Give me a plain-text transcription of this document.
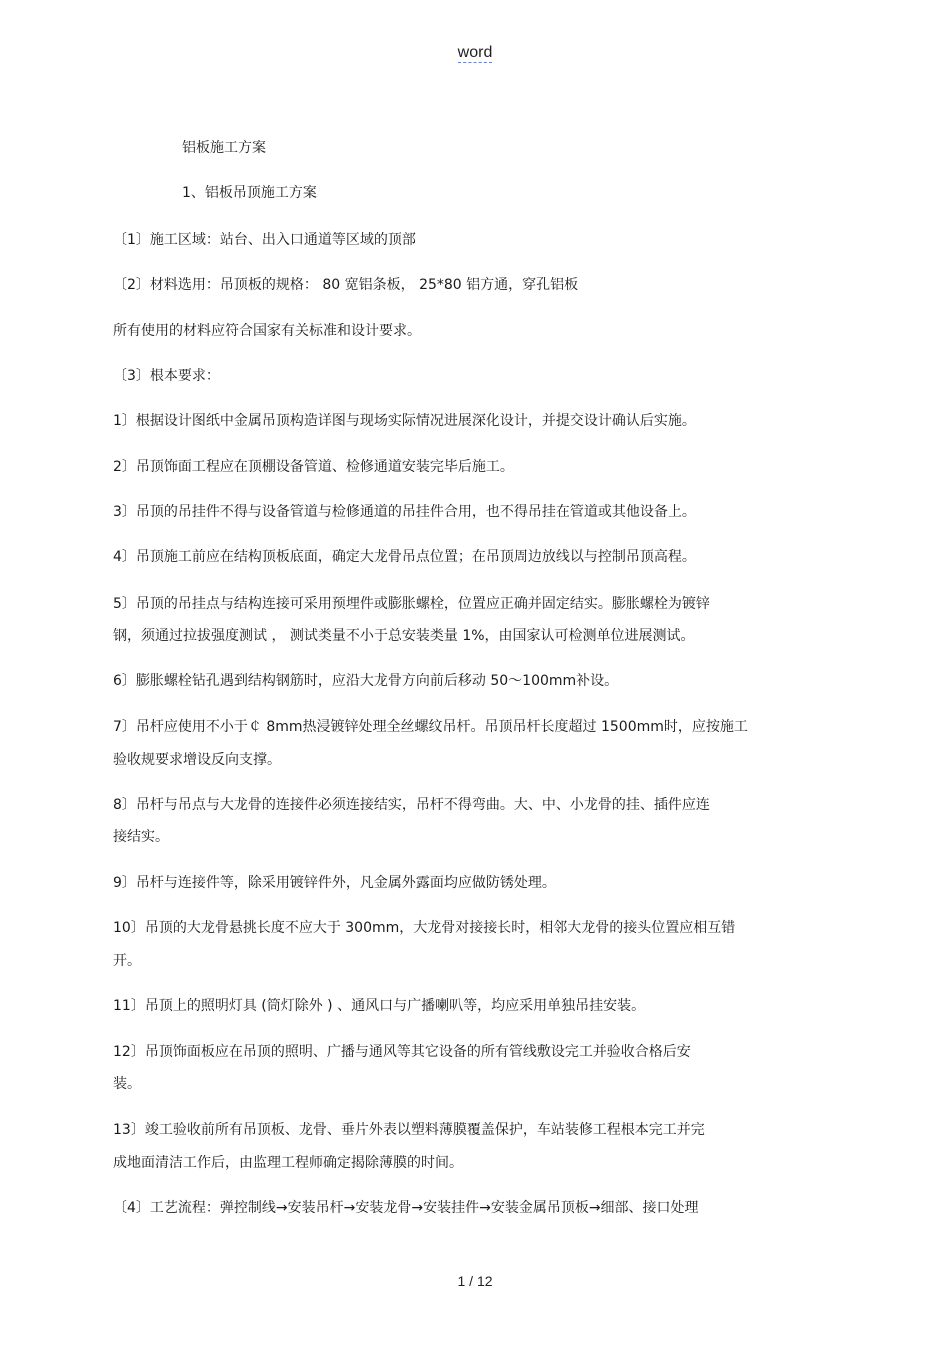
word
铝板施工方案
1、铝板吊顶施工方案
〔1〕施工区域：站台、出入口通道等区域的顶部
〔2〕材料选用：吊顶板的规格： 80 宽铝条板， 25*80 铝方通，穿孔铝板
所有使用的材料应符合国家有关标准和设计要求。
〔3〕根本要求：
1〕根据设计图纸中金属吊顶构造详图与现场实际情况进展深化设计，并提交设计确认后实施。
2〕吊顶饰面工程应在顶棚设备管道、检修通道安装完毕后施工。
3〕吊顶的吊挂件不得与设备管道与检修通道的吊挂件合用，也不得吊挂在管道或其他设备上。
4〕吊顶施工前应在结构顶板底面，确定大龙骨吊点位置；在吊顶周边放线以与控制吊顶高程。
5〕吊顶的吊挂点与结构连接可采用预埋件或膨胀螺栓，位置应正确并固定结实。膨胀螺栓为镀锌
钢，须通过拉拔强度测试 ， 测试类量不小于总安装类量 1%，由国家认可检测单位进展测试。
6〕膨胀螺栓钻孔遇到结构钢筋时，应沿大龙骨方向前后移动 50～100mm补设。
7〕吊杆应使用不小于￠ 8mm热浸镀锌处理全丝螺纹吊杆。吊顶吊杆长度超过 1500mm时，应按施工
验收规要求增设反向支撑。
8〕吊杆与吊点与大龙骨的连接件必须连接结实，吊杆不得弯曲。大、中、小龙骨的挂、插件应连
接结实。
9〕吊杆与连接件等，除采用镀锌件外，凡金属外露面均应做防锈处理。
10〕吊顶的大龙骨悬挑长度不应大于 300mm，大龙骨对接接长时，相邻大龙骨的接头位置应相互错
开。
11〕吊顶上的照明灯具 (筒灯除外 ) 、通风口与广播喇叭等，均应采用单独吊挂安装。
12〕吊顶饰面板应在吊顶的照明、广播与通风等其它设备的所有管线敷设完工并验收合格后安
装。
13〕竣工验收前所有吊顶板、龙骨、垂片外表以塑料薄膜覆盖保护，车站装修工程根本完工并完
成地面清洁工作后，由监理工程师确定揭除薄膜的时间。
〔4〕工艺流程：弹控制线→安装吊杆→安装龙骨→安装挂件→安装金属吊顶板→细部、接口处理
1 / 12
